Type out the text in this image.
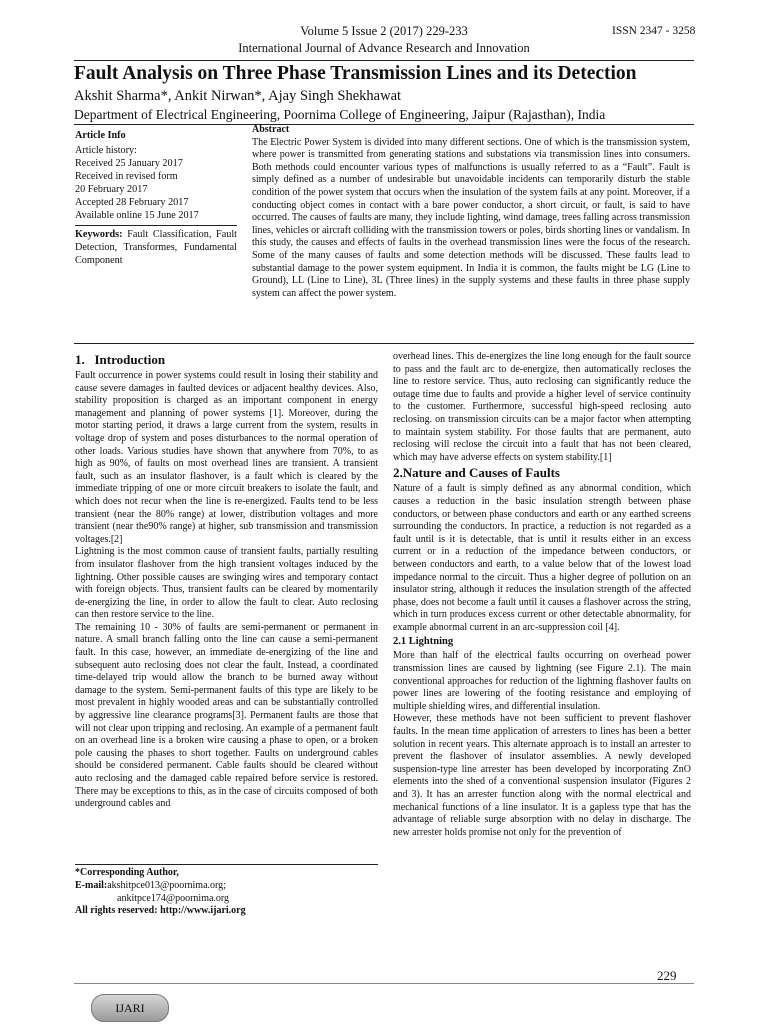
Volume 5 Issue 2 (2017) 229-233	ISSN 2347 - 3258
International Journal of Advance Research and Innovation
Fault Analysis on Three Phase Transmission Lines and its Detection
Akshit Sharma*, Ankit Nirwan*, Ajay Singh Shekhawat
Department of Electrical Engineering, Poornima College of Engineering, Jaipur (Rajasthan), India
Article Info
Article history:
Received 25 January 2017
Received in revised form
20 February 2017
Accepted 28 February 2017
Available online 15 June 2017
Keywords: Fault Classification, Fault Detection, Transformes, Fundamental Component
Abstract
The Electric Power System is divided into many different sections. One of which is the transmission system, where power is transmitted from generating stations and substations via transmission lines into consumers. Both methods could encounter various types of malfunctions is usually referred to as a “Fault”. Fault is simply defined as a number of undesirable but unavoidable incidents can temporarily disturb the stable condition of the power system that occurs when the insulation of the system fails at any point. Moreover, if a conducting object comes in contact with a bare power conductor, a short circuit, or fault, is said to have occurred. The causes of faults are many, they include lighting, wind damage, trees falling across transmission lines, vehicles or aircraft colliding with the transmission towers or poles, birds shorting lines or vandalism. In this study, the causes and effects of faults in the overhead transmission lines were the focus of the research. Some of the many causes of faults and some detection methods will be discussed. These faults lead to substantial damage to the power system equipment. In India it is common, the faults might be LG (Line to Ground), LL (Line to Line), 3L (Three lines) in the supply systems and these faults in three phase supply system can affect the power system.
1.   Introduction

Fault occurrence in power systems could result in losing their stability and cause severe damages in faulted devices or adjacent healthy devices. Also, stability proposition is charged as an important component in energy management and planning of power systems [1]. Moreover, during the motor starting period, it draws a large current from the system, results in voltage drop of system and poses disturbances to the normal operation of other loads. Various studies have shown that anywhere from 70%, to as high as 90%, of faults on most overhead lines are transient. A transient fault, such as an insulator flashover, is a fault which is cleared by the immediate tripping of one or more circuit breakers to isolate the fault, and which does not recur when the line is re-energized. Faults tend to be less transient (near the 80% range) at lower, distribution voltages and more transient (near the90% range) at higher, sub transmission and transmission voltages.[2]

Lightning is the most common cause of transient faults, partially resulting from insulator flashover from the high transient voltages induced by the lightning. Other possible causes are swinging wires and temporary contact with foreign objects. Thus, transient faults can be cleared by momentarily de-energizing the line, in order to allow the fault to clear. Auto reclosing can then restore service to the line.

The remaining 10 - 30% of faults are semi-permanent or permanent in nature. A small branch falling onto the line can cause a semi-permanent fault. In this case, however, an immediate de-energizing of the line and subsequent auto reclosing does not clear the fault. Instead, a coordinated time-delayed trip would allow the branch to be burned away without damage to the system. Semi-permanent faults of this type are likely to be most prevalent in highly wooded areas and can be substantially controlled by aggressive line clearance programs[3]. Permanent faults are those that will not clear upon tripping and reclosing. An example of a permanent fault on an overhead line is a broken wire causing a phase to open, or a broken pole causing the phases to short together. Faults on underground cables should be considered permanent. Cable faults should be cleared without auto reclosing and the damaged cable repaired before service is restored. There may be exceptions to this, as in the case of circuits composed of both underground cables and

*Corresponding Author,
E-mail:akshitpce013@poornima.org;
ankitpce174@poornima.org
All rights reserved: http://www.ijari.org

overhead lines. This de-energizes the line long enough for the fault source to pass and the fault arc to de-energize, then automatically recloses the line to restore service. Thus, auto reclosing can significantly reduce the outage time due to faults and provide a higher level of service continuity to the customer. Furthermore, successful high-speed reclosing auto reclosing. on transmission circuits can be a major factor when attempting to maintain system stability. For those faults that are permanent, auto reclosing will reclose the circuit into a fault that has not been cleared, which may have adverse effects on system stability.[1]

2.Nature and Causes of Faults

Nature of a fault is simply defined as any abnormal condition, which causes a reduction in the basic insulation strength between phase conductors, or between phase conductors and earth or any earthed screens surrounding the conductors. In practice, a reduction is not regarded as a fault until is it is detectable, that is until it results either in an excess current or in a reduction of the impedance between conductors, or between conductors and earth, to a value below that of the lowest load impedance normal to the circuit. Thus a higher degree of pollution on an insulator string, although it reduces the insulation strength of the affected phase, does not become a fault until it causes a flashover across the string, which in turn produces excess current or other detectable abnormality, for example abnormal current in an arc-suppression coil [4].

2.1 Lightning

More than half of the electrical faults occurring on overhead power transmission lines are caused by lightning (see Figure 2.1). The main conventional approaches for reduction of the lightning flashover faults on power lines are lowering of the footing resistance and employing of multiple shielding wires, and differential insulation.

However, these methods have not been sufficient to prevent flashover faults. In the mean time application of arresters to lines has been a better solution in recent years. This alternate approach is to install an arrester to prevent the flashover of insulator assemblies. A newly developed suspension-type line arrester has been developed by incorporating ZnO elements into the shed of a conventional suspension insulator (Figures 2 and 3). It has an arrester function along with the normal electrical and mechanical functions of a line insulator. It is a gapless type that has the advantage of reliable surge absorption with no delay in discharge. The new arrester holds promise not only for the prevention of

229
IJARI
